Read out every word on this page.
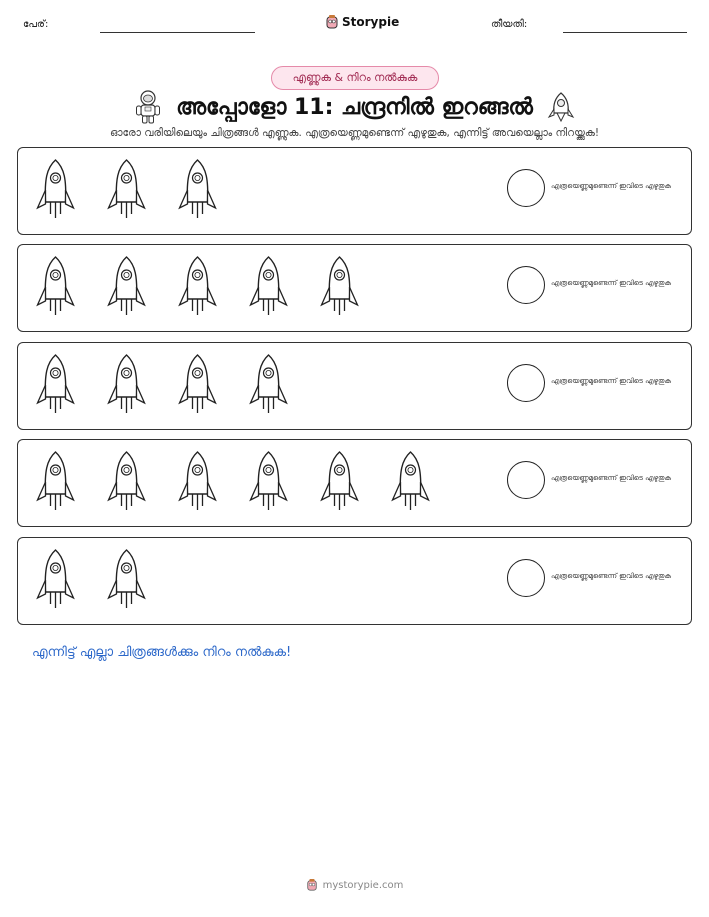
പേര്:	Storypie	തീയതി:
എണ്ണുക & നിറം നൽകുക
അപ്പോളോ 11: ചന്ദ്രനിൽ ഇറങ്ങൽ
ഓരോ വരിയിലെയും ചിത്രങ്ങൾ എണ്ണുക. എത്രയെണ്ണമുണ്ടെന്ന് എഴുതുക, എന്നിട്ട് അവയെല്ലാം നിറയ്ക്കുക!
എത്രയെണ്ണമുണ്ടെന്ന് ഇവിടെ എഴുതുക
എത്രയെണ്ണമുണ്ടെന്ന് ഇവിടെ എഴുതുക
എത്രയെണ്ണമുണ്ടെന്ന് ഇവിടെ എഴുതുക
എത്രയെണ്ണമുണ്ടെന്ന് ഇവിടെ എഴുതുക
എത്രയെണ്ണമുണ്ടെന്ന് ഇവിടെ എഴുതുക
എന്നിട്ട് എല്ലാ ചിത്രങ്ങൾക്കും നിറം നൽകുക!
mystorypie.com
